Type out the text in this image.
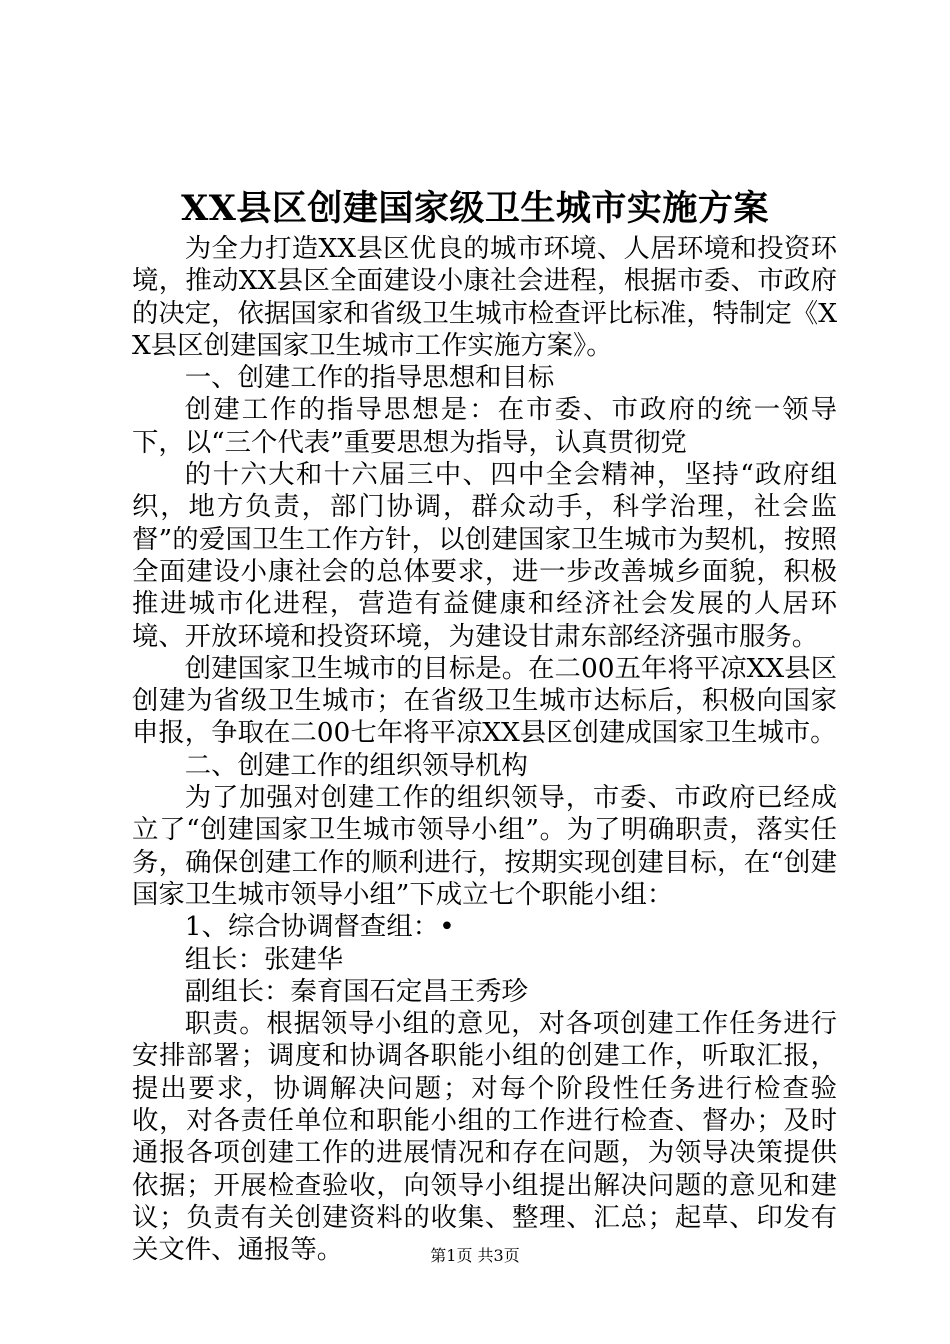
XX县区创建国家级卫生城市实施方案

为全力打造XX县区优良的城市环境、人居环境和投资环境，推动XX县区全面建设小康社会进程，根据市委、市政府的决定，依据国家和省级卫生城市检查评比标准，特制定《XX县区创建国家卫生城市工作实施方案》。

一、创建工作的指导思想和目标

创建工作的指导思想是：在市委、市政府的统一领导下，以“三个代表”重要思想为指导，认真贯彻党

的十六大和十六届三中、四中全会精神，坚持“政府组织，地方负责，部门协调，群众动手，科学治理，社会监督”的爱国卫生工作方针，以创建国家卫生城市为契机，按照全面建设小康社会的总体要求，进一步改善城乡面貌，积极推进城市化进程，营造有益健康和经济社会发展的人居环境、开放环境和投资环境，为建设甘肃东部经济强市服务。

创建国家卫生城市的目标是。在二00五年将平凉XX县区创建为省级卫生城市；在省级卫生城市达标后，积极向国家申报，争取在二00七年将平凉XX县区创建成国家卫生城市。

二、创建工作的组织领导机构

为了加强对创建工作的组织领导，市委、市政府已经成立了“创建国家卫生城市领导小组”。为了明确职责，落实任务，确保创建工作的顺利进行，按期实现创建目标，在“创建国家卫生城市领导小组”下成立七个职能小组：

1、综合协调督查组：•

组长：张建华

副组长：秦育国石定昌王秀珍

职责。根据领导小组的意见，对各项创建工作任务进行安排部署；调度和协调各职能小组的创建工作，听取汇报，提出要求，协调解决问题；对每个阶段性任务进行检查验收，对各责任单位和职能小组的工作进行检查、督办；及时通报各项创建工作的进展情况和存在问题，为领导决策提供依据；开展检查验收，向领导小组提出解决问题的意见和建议；负责有关创建资料的收集、整理、汇总；起草、印发有关文件、通报等。	第1页 共3页
